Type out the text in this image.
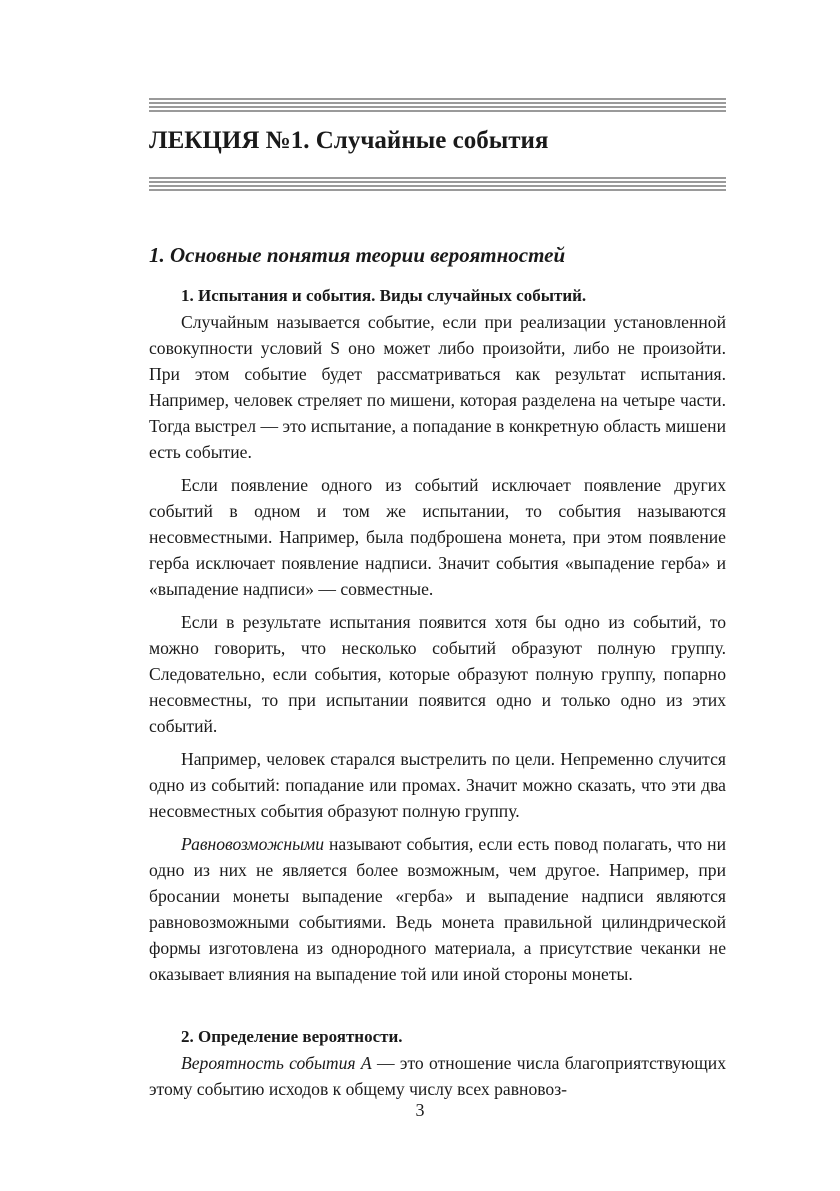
ЛЕКЦИЯ №1. Случайные события
1. Основные понятия теории вероятностей

1. Испытания и события. Виды случайных событий.

Случайным называется событие, если при реализации установленной совокупности условий S оно может либо произойти, либо не произойти. При этом событие будет рассматриваться как результат испытания. Например, человек стреляет по мишени, которая разделена на четыре части. Тогда выстрел — это испытание, а попадание в конкретную область мишени есть событие.

Если появление одного из событий исключает появление других событий в одном и том же испытании, то события называются несовместными. Например, была подброшена монета, при этом появление герба исключает появление надписи. Значит события «выпадение герба» и «выпадение надписи» — совместные.

Если в результате испытания появится хотя бы одно из событий, то можно говорить, что несколько событий образуют полную группу. Следовательно, если события, которые образуют полную группу, попарно несовместны, то при испытании появится одно и только одно из этих событий.

Например, человек старался выстрелить по цели. Непременно случится одно из событий: попадание или промах. Значит можно сказать, что эти два несовместных события образуют полную группу.

Равновозможными называют события, если есть повод полагать, что ни одно из них не является более возможным, чем другое. Например, при бросании монеты выпадение «герба» и выпадение надписи являются равновозможными событиями. Ведь монета правильной цилиндрической формы изготовлена из однородного материала, а присутствие чеканки не оказывает влияния на выпадение той или иной стороны монеты.

2. Определение вероятности.

Вероятность события A — это отношение числа благоприятствующих этому событию исходов к общему числу всех равновоз-

3
